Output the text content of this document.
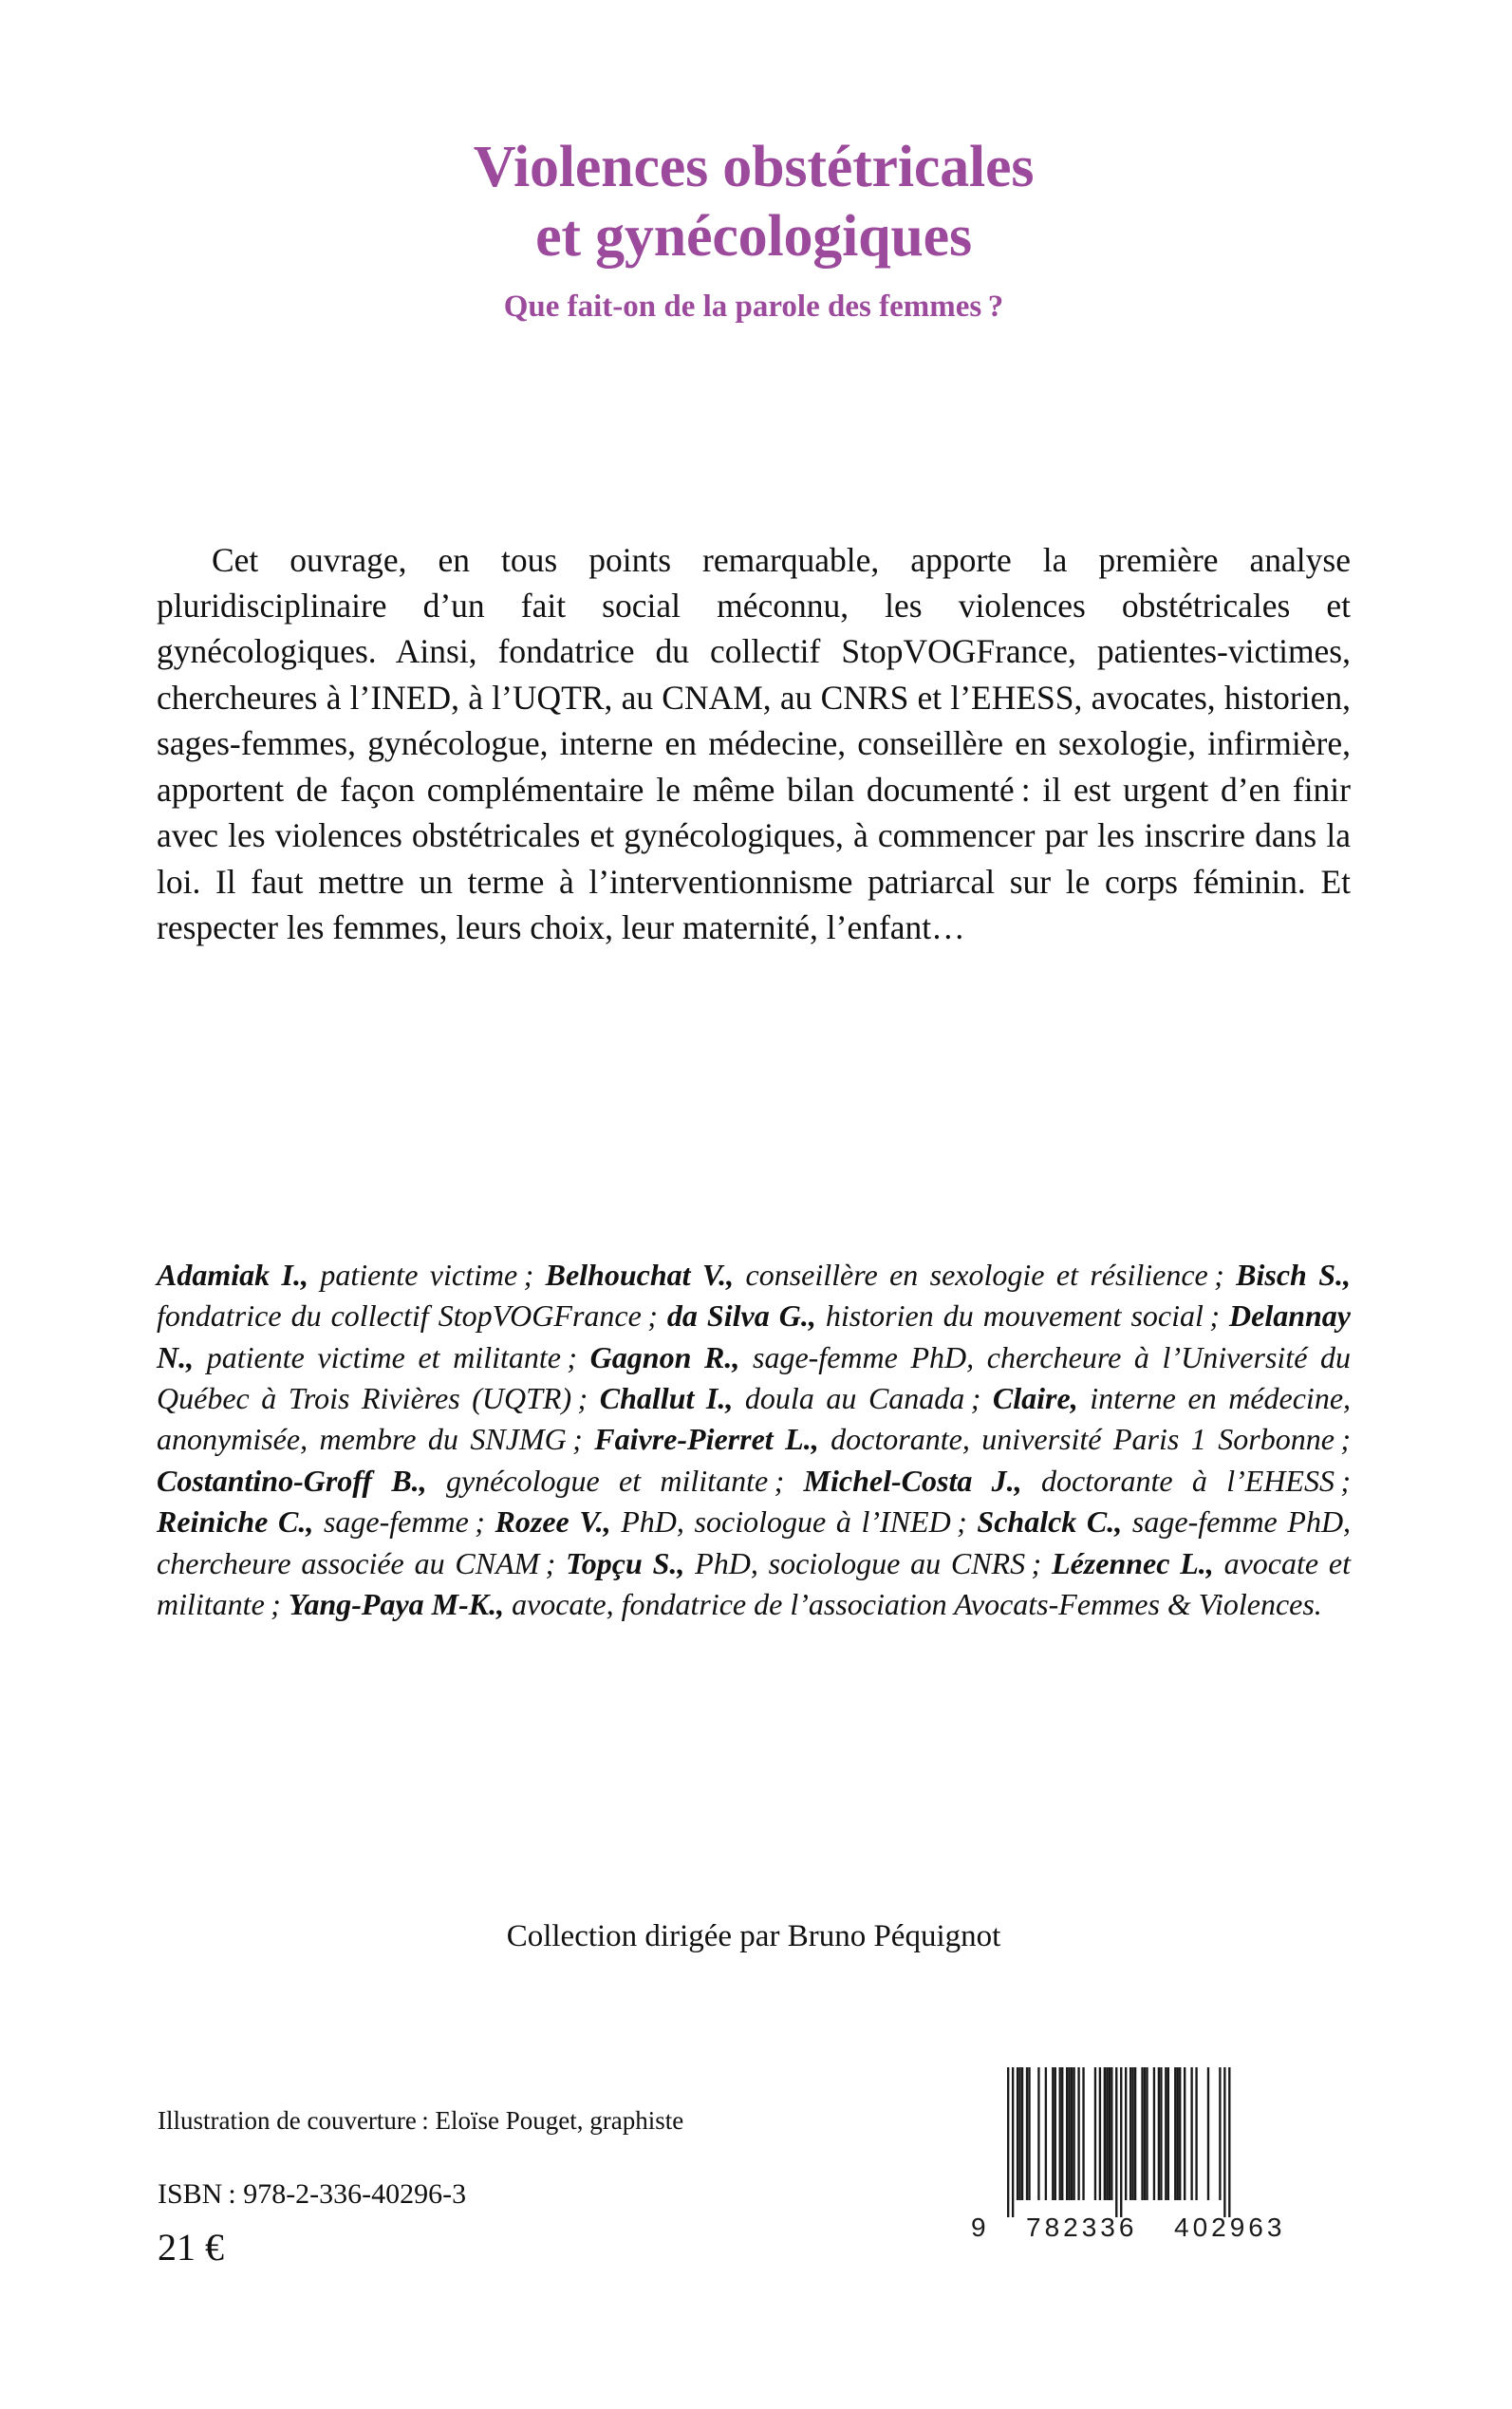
Violences obstétricales
et gynécologiques
Que fait-on de la parole des femmes ?

Cet ouvrage, en tous points remarquable, apporte la première analyse pluridisciplinaire d’un fait social méconnu, les violences obstétricales et gynécologiques. Ainsi, fondatrice du collectif StopVOGFrance, patientes-victimes, chercheures à l’INED, à l’UQTR, au CNAM, au CNRS et l’EHESS, avocates, historien, sages-femmes, gynécologue, interne en médecine, conseillère en sexologie, infirmière, apportent de façon complémentaire le même bilan documenté : il est urgent d’en finir avec les violences obstétricales et gynécologiques, à commencer par les inscrire dans la loi. Il faut mettre un terme à l’interventionnisme patriarcal sur le corps féminin. Et respecter les femmes, leurs choix, leur maternité, l’enfant…

Adamiak I., patiente victime ; Belhouchat V., conseillère en sexologie et résilience ; Bisch S., fondatrice du collectif StopVOGFrance ; da Silva G., historien du mouvement social ; Delannay N., patiente victime et militante ; Gagnon R., sage-femme PhD, chercheure à l’Université du Québec à Trois Rivières (UQTR) ; Challut I., doula au Canada ; Claire, interne en médecine, anonymisée, membre du SNJMG ; Faivre-Pierret L., doctorante, université Paris 1 Sorbonne ; Costantino-Groff B., gynécologue et militante ; Michel-Costa J., doctorante à l’EHESS ; Reiniche C., sage-femme ; Rozee V., PhD, sociologue à l’INED ; Schalck C., sage-femme PhD, chercheure associée au CNAM ; Topçu S., PhD, sociologue au CNRS ; Lézennec L., avocate et militante ; Yang-Paya M-K., avocate, fondatrice de l’association Avocats-Femmes & Violences.

Collection dirigée par Bruno Péquignot

Illustration de couverture : Eloïse Pouget, graphiste

ISBN : 978-2-336-40296-3

21 €	9 782336 402963
